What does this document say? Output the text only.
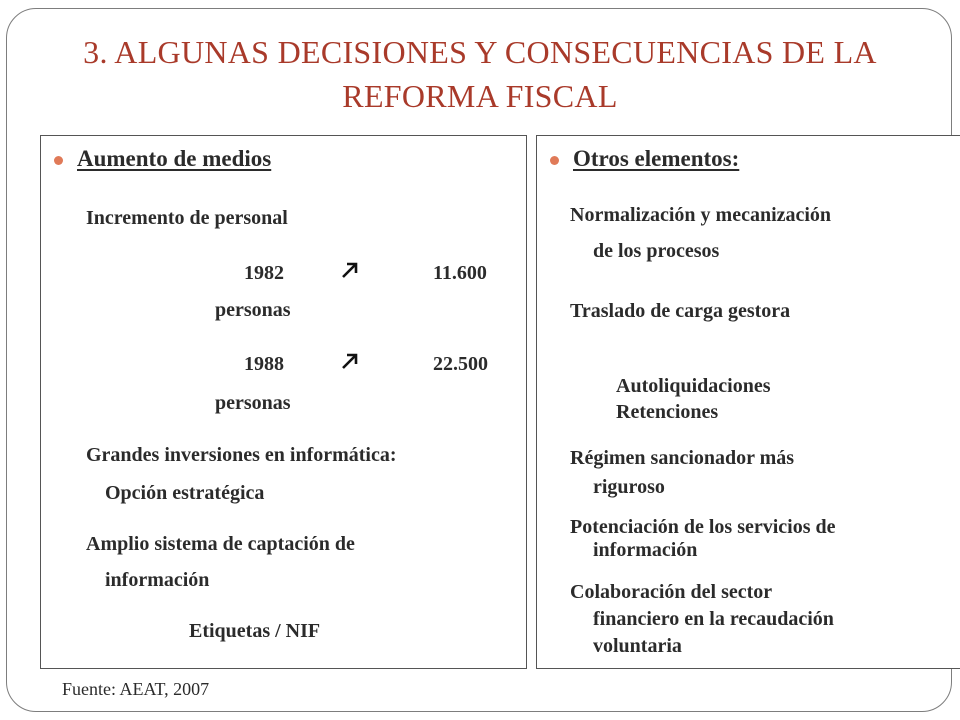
3. ALGUNAS DECISIONES Y CONSECUENCIAS DE LA
REFORMA FISCAL
Aumento de medios
Incremento de personal
1982	11.600
personas
1988	22.500
personas
Grandes inversiones en informática:
Opción estratégica
Amplio sistema de captación de
información
Etiquetas / NIF
Otros elementos:
Normalización y mecanización
de los procesos
Traslado de carga gestora
Autoliquidaciones
Retenciones
Régimen sancionador más
riguroso
Potenciación de los servicios de
información
Colaboración del sector
financiero en la recaudación
voluntaria
Fuente: AEAT, 2007
